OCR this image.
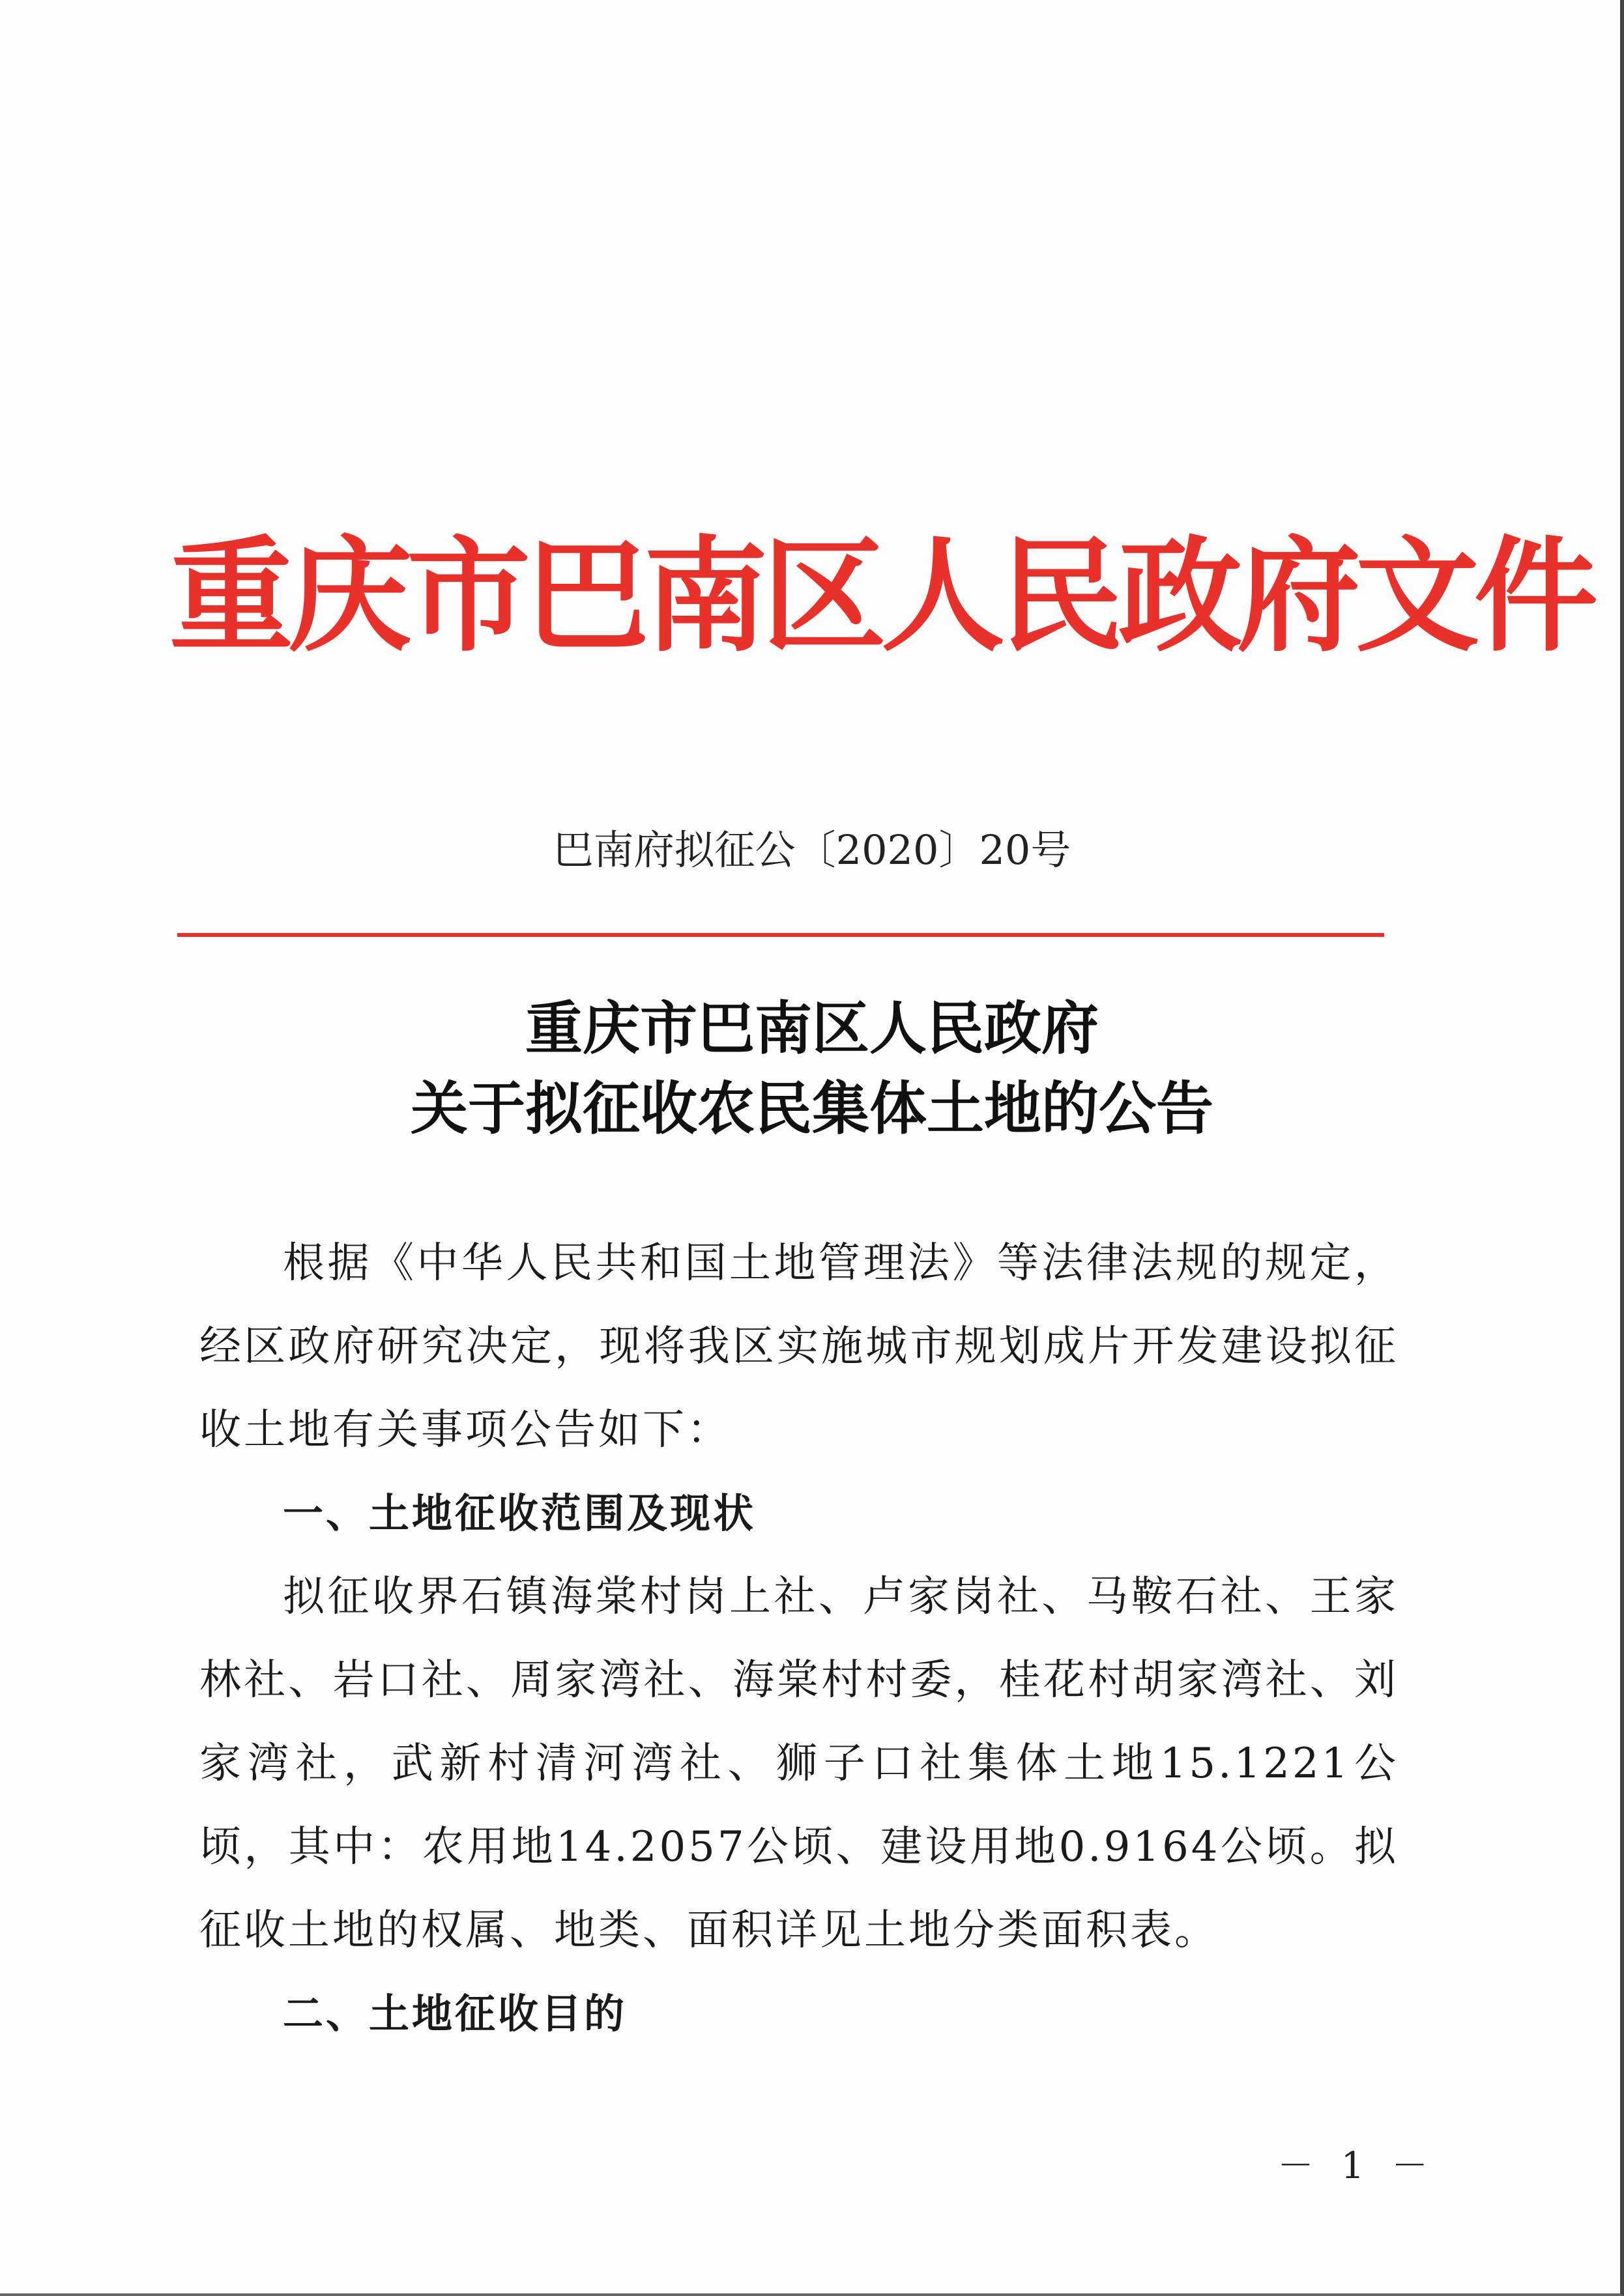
重庆市巴南区人民政府文件
巴南府拟征公〔2020〕20号
重庆市巴南区人民政府
关于拟征收农民集体土地的公告

根据《中华人民共和国土地管理法》等法律法规的规定，经区政府研究决定，现将我区实施城市规划成片开发建设拟征收土地有关事项公告如下：

一、土地征收范围及现状

拟征收界石镇海棠村岗上社、卢家岗社、马鞍石社、王家林社、岩口社、周家湾社、海棠村村委，桂花村胡家湾社、刘家湾社，武新村清河湾社、狮子口社集体土地15.1221公顷，其中：农用地14.2057公顷、建设用地0.9164公顷。拟征收土地的权属、地类、面积详见土地分类面积表。

二、土地征收目的

－ 1 －
